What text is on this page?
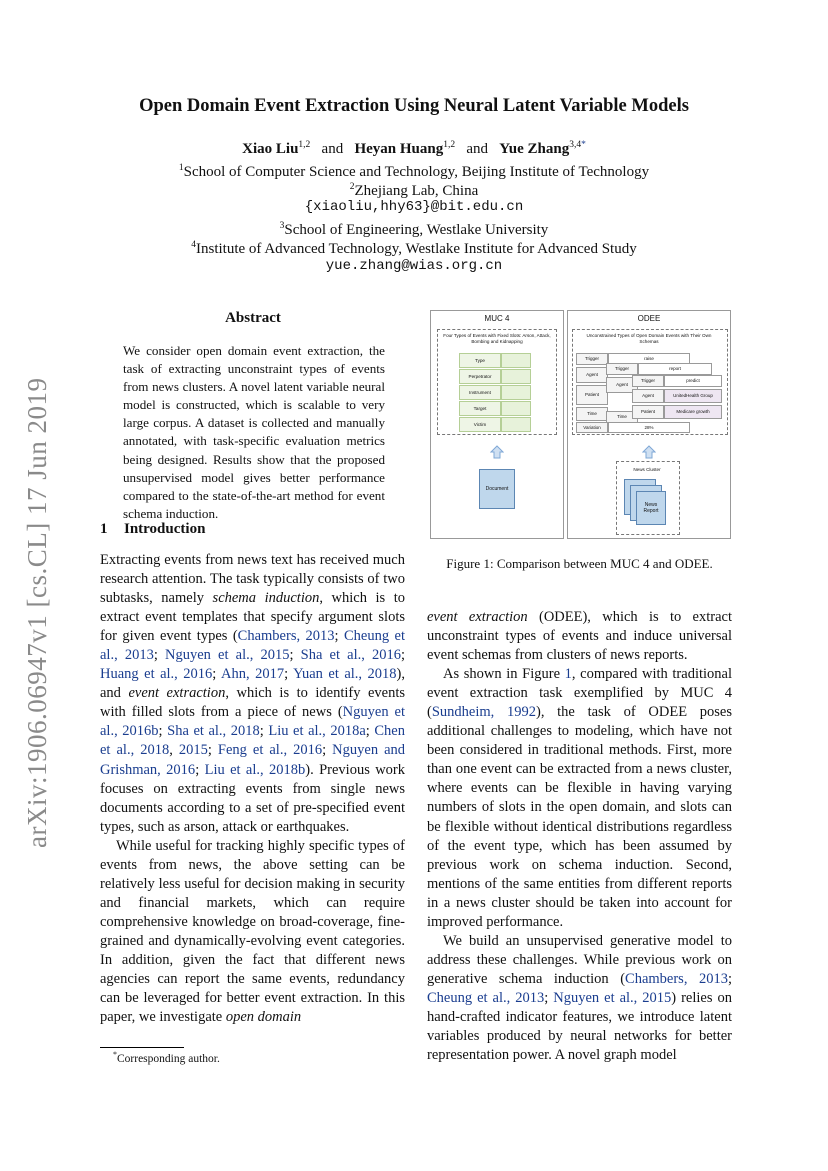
arXiv:1906.06947v1 [cs.CL] 17 Jun 2019
Open Domain Event Extraction Using Neural Latent Variable Models
Xiao Liu$^{1,2}$ and Heyan Huang$^{1,2}$ and Yue Zhang$^{3,4*}$
$^1$School of Computer Science and Technology, Beijing Institute of Technology
$^2$Zhejiang Lab, China
{xiaoliu,hhy63}@bit.edu.cn
$^3$School of Engineering, Westlake University
$^4$Institute of Advanced Technology, Westlake Institute for Advanced Study
yue.zhang@wias.org.cn
Abstract
We consider open domain event extraction, the task of extracting unconstraint types of events from news clusters. A novel latent variable neural model is constructed, which is scalable to very large corpus. A dataset is collected and manually annotated, with task-specific evaluation metrics being designed. Results show that the proposed unsupervised model gives better performance compared to the state-of-the-art method for event schema induction.
1 Introduction

Extracting events from news text has received much research attention. The task typically consists of two subtasks, namely schema induction, which is to extract event templates that specify argument slots for given event types (Chambers, 2013; Cheung et al., 2013; Nguyen et al., 2015; Sha et al., 2016; Huang et al., 2016; Ahn, 2017; Yuan et al., 2018), and event extraction, which is to identify events with filled slots from a piece of news (Nguyen et al., 2016b; Sha et al., 2018; Liu et al., 2018a; Chen et al., 2018, 2015; Feng et al., 2016; Nguyen and Grishman, 2016; Liu et al., 2018b). Previous work focuses on extracting events from single news documents according to a set of pre-specified event types, such as arson, attack or earthquakes.

While useful for tracking highly specific types of events from news, the above setting can be relatively less useful for decision making in security and financial markets, which can require comprehensive knowledge on broad-coverage, fine-grained and dynamically-evolving event categories. In addition, given the fact that different news agencies can report the same events, redundancy can be leveraged for better event extraction. In this paper, we investigate open domain

*Corresponding author.
MUC 4
Four Types of Events with Fixed Slots: Arson, Attack, Bombing and Kidnapping
Type
Perpetrator
Instrument
Target
Victim
Document
ODEE
Unconstrained Types of Open Domain Events with Their Own Schemas
Trigger	raise
Agent
Patient
Time
Variation	28%
Trigger	report
Agent
Time
Trigger	predict
Agent	UnitedHealth Group
Patient	Medicare growth
News Cluster
News Report
Figure 1: Comparison between MUC 4 and ODEE.

event extraction (ODEE), which is to extract unconstraint types of events and induce universal event schemas from clusters of news reports.

As shown in Figure 1, compared with traditional event extraction task exemplified by MUC 4 (Sundheim, 1992), the task of ODEE poses additional challenges to modeling, which have not been considered in traditional methods. First, more than one event can be extracted from a news cluster, where events can be flexible in having varying numbers of slots in the open domain, and slots can be flexible without identical distributions regardless of the event type, which has been assumed by previous work on schema induction. Second, mentions of the same entities from different reports in a news cluster should be taken into account for improved performance.

We build an unsupervised generative model to address these challenges. While previous work on generative schema induction (Chambers, 2013; Cheung et al., 2013; Nguyen et al., 2015) relies on hand-crafted indicator features, we introduce latent variables produced by neural networks for better representation power. A novel graph model
